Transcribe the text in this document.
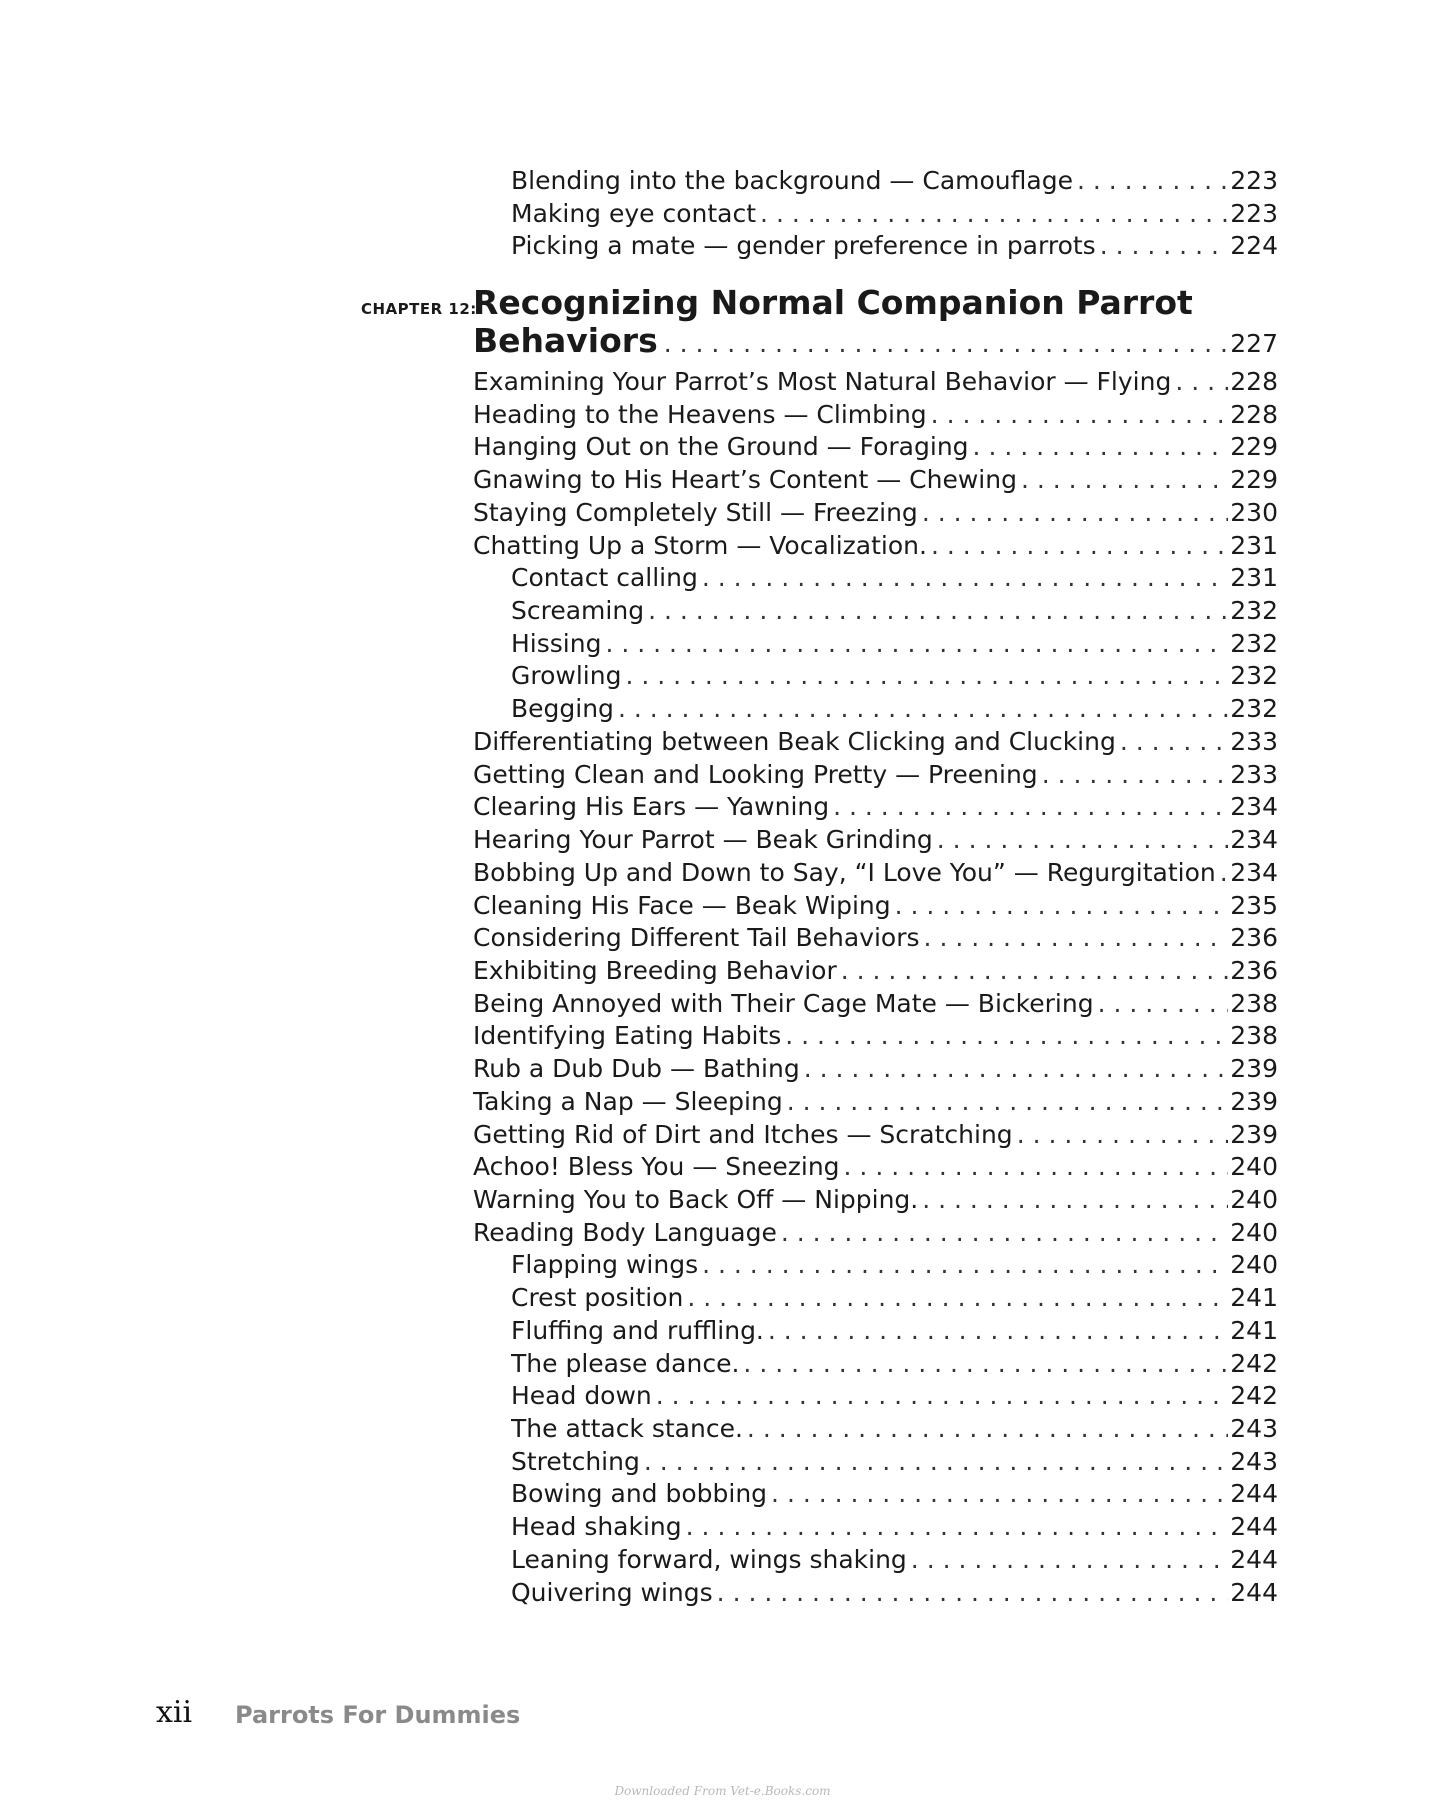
Blending into the background — Camouflage . . .	223
Making eye contact . . .	223
Picking a mate — gender preference in parrots . . .	224
CHAPTER 12:
Recognizing Normal Companion Parrot
Behaviors . . .	227
Examining Your Parrot’s Most Natural Behavior — Flying . . . 228
Heading to the Heavens — Climbing . . .	228
Hanging Out on the Ground — Foraging . . .	229
Gnawing to His Heart’s Content — Chewing . . .	229
Staying Completely Still — Freezing . . .	230
Chatting Up a Storm — Vocalization. . . .	231
Contact calling . . .	231
Screaming . . .	232
Hissing . . .	232
Growling . . .	232
Begging . . .	232
Differentiating between Beak Clicking and Clucking . . .	233
Getting Clean and Looking Pretty — Preening . . .	233
Clearing His Ears — Yawning . . .	234
Hearing Your Parrot — Beak Grinding . . .	234
Bobbing Up and Down to Say, “I Love You” — Regurgitation . . . 234
Cleaning His Face — Beak Wiping . . .	235
Considering Different Tail Behaviors . . .	236
Exhibiting Breeding Behavior . . .	236
Being Annoyed with Their Cage Mate — Bickering . . .	238
Identifying Eating Habits . . .	238
Rub a Dub Dub — Bathing . . .	239
Taking a Nap — Sleeping . . .	239
Getting Rid of Dirt and Itches — Scratching . . .	239
Achoo! Bless You — Sneezing . . .	240
Warning You to Back Off — Nipping. . . .	240
Reading Body Language . . .	240
Flapping wings . . .	240
Crest position . . .	241
Fluffing and ruffling. . . .	241
The please dance. . . .	242
Head down . . .	242
The attack stance. . . .	243
Stretching . . .	243
Bowing and bobbing . . .	244
Head shaking . . .	244
Leaning forward, wings shaking . . .	244
Quivering wings . . .	244
xii Parrots For Dummies
Downloaded From Vet-e.Books.com
